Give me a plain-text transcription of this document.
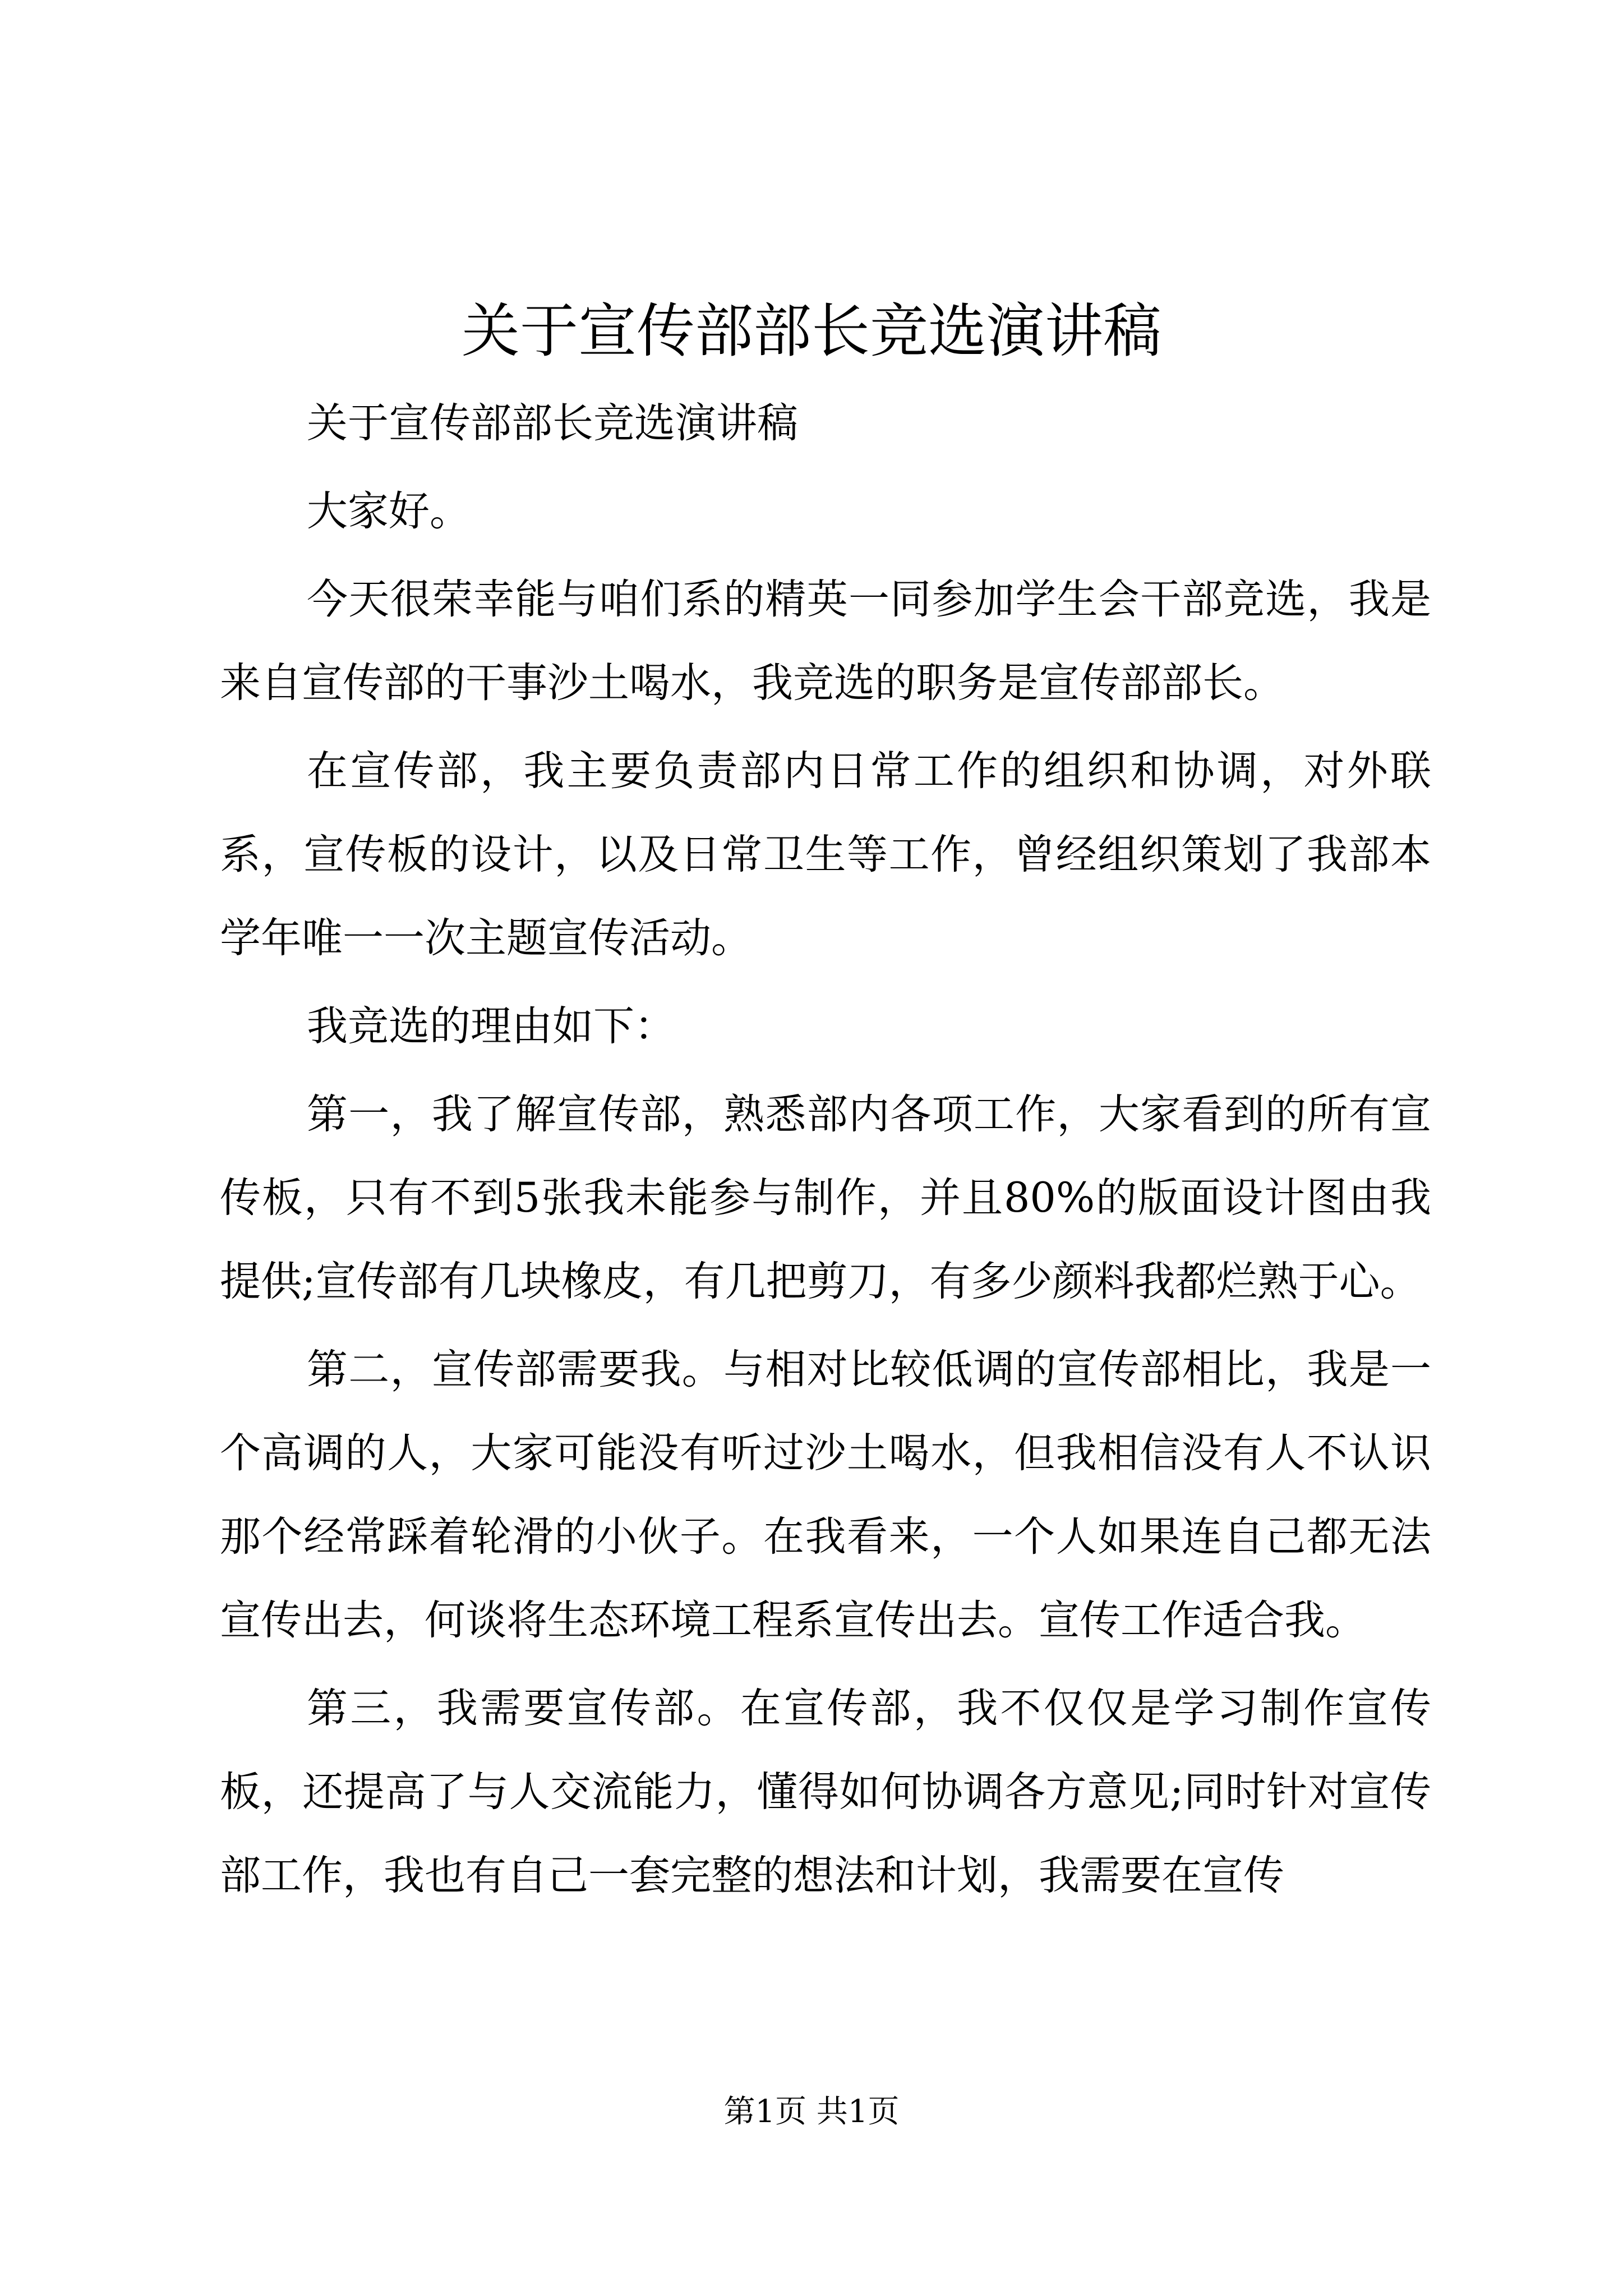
关于宣传部部长竞选演讲稿

关于宣传部部长竞选演讲稿

大家好。

今天很荣幸能与咱们系的精英一同参加学生会干部竞选，我是来自宣传部的干事沙土喝水，我竞选的职务是宣传部部长。

在宣传部，我主要负责部内日常工作的组织和协调，对外联系，宣传板的设计，以及日常卫生等工作，曾经组织策划了我部本学年唯一一次主题宣传活动。

我竞选的理由如下：

第一，我了解宣传部，熟悉部内各项工作，大家看到的所有宣传板，只有不到5张我未能参与制作，并且80%的版面设计图由我提供;宣传部有几块橡皮，有几把剪刀，有多少颜料我都烂熟于心。

第二，宣传部需要我。与相对比较低调的宣传部相比，我是一个高调的人，大家可能没有听过沙土喝水，但我相信没有人不认识那个经常踩着轮滑的小伙子。在我看来，一个人如果连自己都无法宣传出去，何谈将生态环境工程系宣传出去。宣传工作适合我。

第三，我需要宣传部。在宣传部，我不仅仅是学习制作宣传板，还提高了与人交流能力，懂得如何协调各方意见;同时针对宣传部工作，我也有自己一套完整的想法和计划，我需要在宣传

第1页 共1页
